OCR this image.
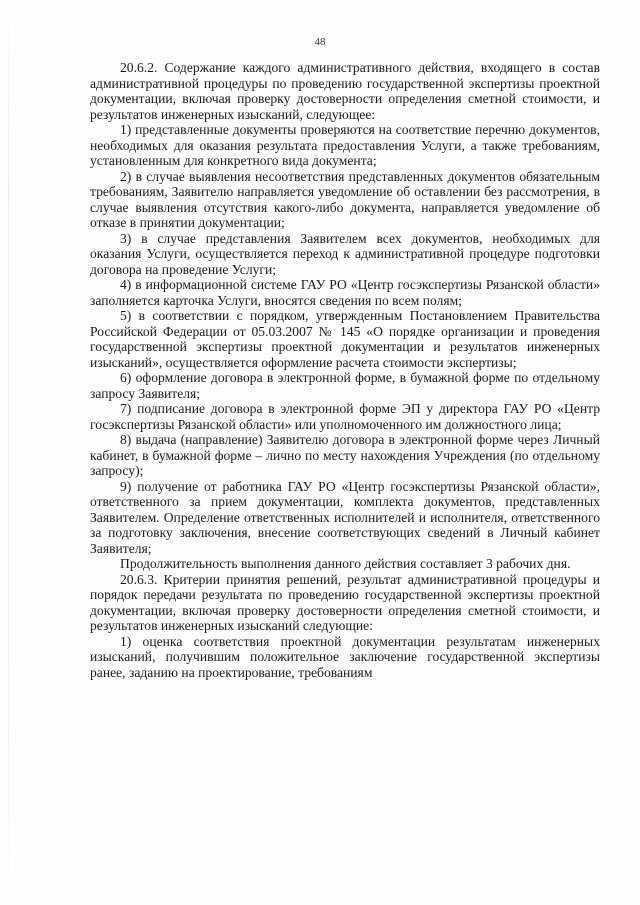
48

20.6.2. Содержание каждого административного действия, входящего в состав административной процедуры по проведению государственной экспертизы проектной документации, включая проверку достоверности определения сметной стоимости, и результатов инженерных изысканий, следующее:

1) представленные документы проверяются на соответствие перечню документов, необходимых для оказания результата предоставления Услуги, а также требованиям, установленным для конкретного вида документа;

2) в случае выявления несоответствия представленных документов обязательным требованиям, Заявителю направляется уведомление об оставлении без рассмотрения, в случае выявления отсутствия какого-либо документа, направляется уведомление об отказе в принятии документации;

3) в случае представления Заявителем всех документов, необходимых для оказания Услуги, осуществляется переход к административной процедуре подготовки договора на проведение Услуги;

4) в информационной системе ГАУ РО «Центр госэкспертизы Рязанской области» заполняется карточка Услуги, вносятся сведения по всем полям;

5) в соответствии с порядком, утвержденным Постановлением Правительства Российской Федерации от 05.03.2007 № 145 «О порядке организации и проведения государственной экспертизы проектной документации и результатов инженерных изысканий», осуществляется оформление расчета стоимости экспертизы;

6) оформление договора в электронной форме, в бумажной форме по отдельному запросу Заявителя;

7) подписание договора в электронной форме ЭП у директора ГАУ РО «Центр госэкспертизы Рязанской области» или уполномоченного им должностного лица;

8) выдача (направление) Заявителю договора в электронной форме через Личный кабинет, в бумажной форме – лично по месту нахождения Учреждения (по отдельному запросу);

9) получение от работника ГАУ РО «Центр госэкспертизы Рязанской области», ответственного за прием документации, комплекта документов, представленных Заявителем. Определение ответственных исполнителей и исполнителя, ответственного за подготовку заключения, внесение соответствующих сведений в Личный кабинет Заявителя;

Продолжительность выполнения данного действия составляет 3 рабочих дня.

20.6.3. Критерии принятия решений, результат административной процедуры и порядок передачи результата по проведению государственной экспертизы проектной документации, включая проверку достоверности определения сметной стоимости, и результатов инженерных изысканий следующие:

1) оценка соответствия проектной документации результатам инженерных изысканий, получившим положительное заключение государственной экспертизы ранее, заданию на проектирование, требованиям
